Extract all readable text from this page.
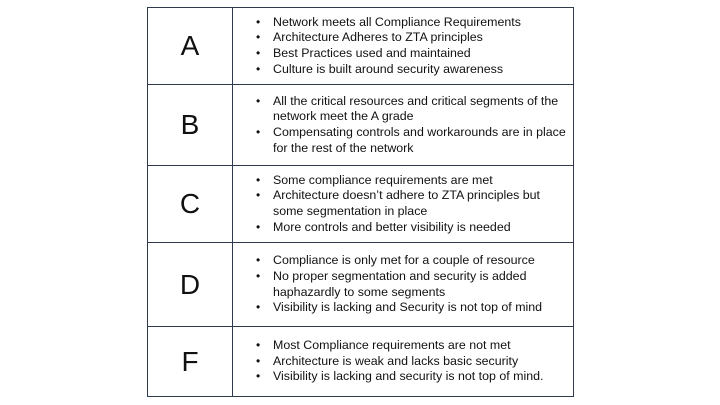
A
• Network meets all Compliance Requirements
• Architecture Adheres to ZTA principles
• Best Practices used and maintained
• Culture is built around security awareness
B
• All the critical resources and critical segments of the network meet the A grade
• Compensating controls and workarounds are in place for the rest of the network
C
• Some compliance requirements are met
• Architecture doesn’t adhere to ZTA principles but some segmentation in place
• More controls and better visibility is needed
D
• Compliance is only met for a couple of resource
• No proper segmentation and security is added haphazardly to some segments
• Visibility is lacking and Security is not top of mind
F
• Most Compliance requirements are not met
• Architecture is weak and lacks basic security
• Visibility is lacking and security is not top of mind.
